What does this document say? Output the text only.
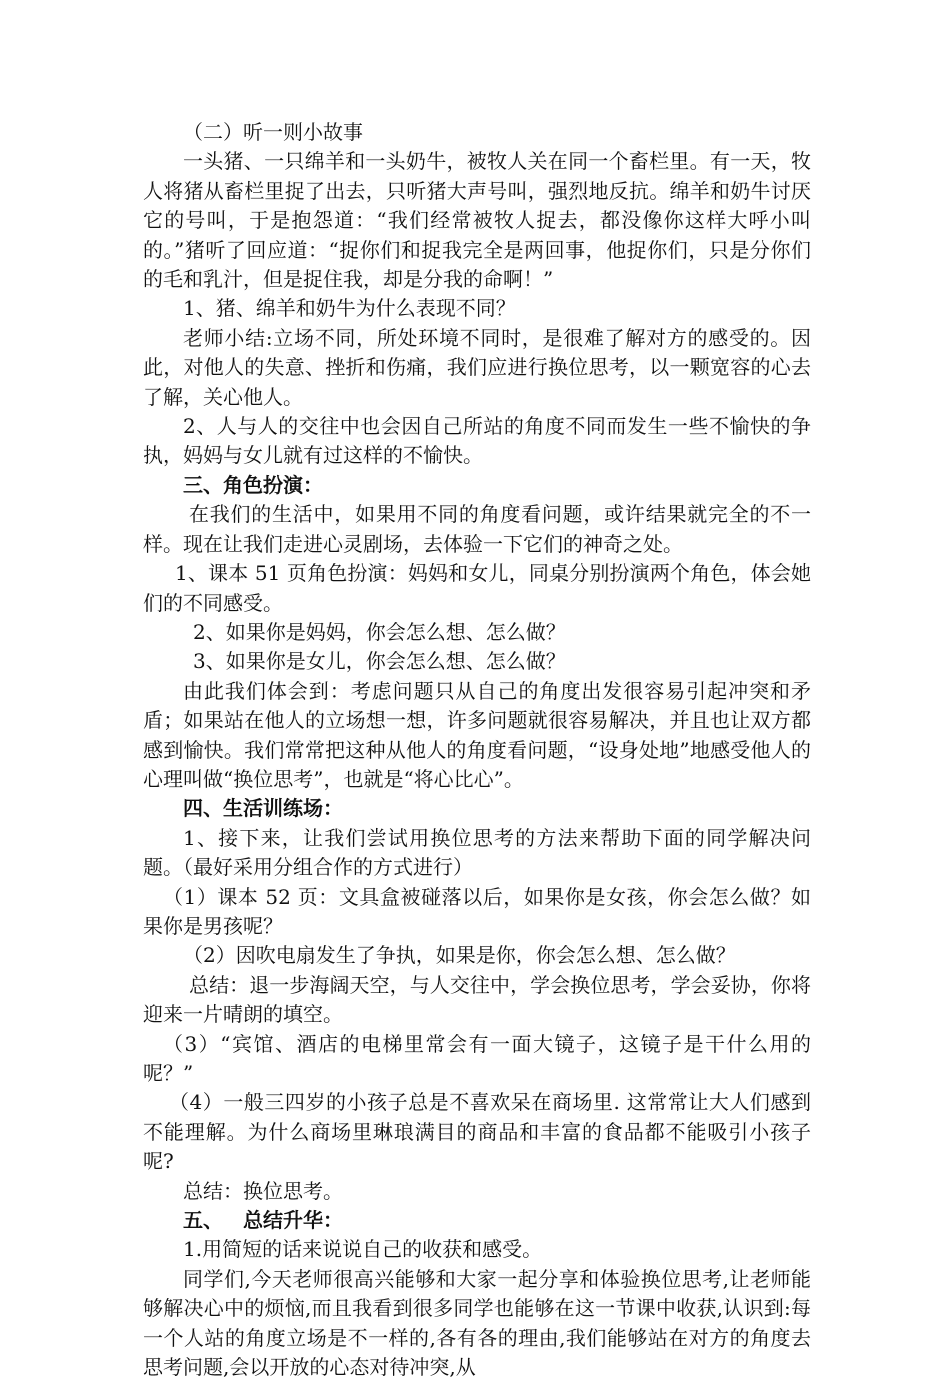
（二）听一则小故事

一头猪、一只绵羊和一头奶牛，被牧人关在同一个畜栏里。有一天，牧人将猪从畜栏里捉了出去，只听猪大声号叫，强烈地反抗。绵羊和奶牛讨厌它的号叫，于是抱怨道：“我们经常被牧人捉去，都没像你这样大呼小叫 的。”猪听了回应道：“捉你们和捉我完全是两回事，他捉你们，只是分你们的毛和乳汁，但是捉住我，却是分我的命啊！”

1、猪、绵羊和奶牛为什么表现不同？

老师小结:立场不同，所处环境不同时，是很难了解对方的感受的。因此，对他人的失意、挫折和伤痛，我们应进行换位思考，以一颗宽容的心去了解，关心他人。

2、人与人的交往中也会因自己所站的角度不同而发生一些不愉快的争执，妈妈与女儿就有过这样的不愉快。

三、角色扮演：

在我们的生活中，如果用不同的角度看问题，或许结果就完全的不一样。现在让我们走进心灵剧场，去体验一下它们的神奇之处。

1、课本 51 页角色扮演：妈妈和女儿，同桌分别扮演两个角色，体会她们的不同感受。

2、如果你是妈妈，你会怎么想、怎么做？

3、如果你是女儿，你会怎么想、怎么做？

由此我们体会到：考虑问题只从自己的角度出发很容易引起冲突和矛盾；如果站在他人的立场想一想，许多问题就很容易解决，并且也让双方都感到愉快。我们常常把这种从他人的角度看问题，“设身处地”地感受他人的心理叫做“换位思考”，也就是“将心比心”。

四、生活训练场：

1、接下来，让我们尝试用换位思考的方法来帮助下面的同学解决问题。（最好采用分组合作的方式进行）

（1）课本 52 页：文具盒被碰落以后，如果你是女孩，你会怎么做？如果你是男孩呢？

（2）因吹电扇发生了争执，如果是你，你会怎么想、怎么做？

总结：退一步海阔天空，与人交往中，学会换位思考，学会妥协，你将迎来一片晴朗的填空。

（3）“宾馆、酒店的电梯里常会有一面大镜子，这镜子是干什么用的呢？”

（4）一般三四岁的小孩子总是不喜欢呆在商场里. 这常常让大人们感到不能理解。为什么商场里琳琅满目的商品和丰富的食品都不能吸引小孩子呢?

总结：换位思考。

五、 总结升华：

1.用简短的话来说说自己的收获和感受。

同学们,今天老师很高兴能够和大家一起分享和体验换位思考,让老师能够解决心中的烦恼,而且我看到很多同学也能够在这一节课中收获,认识到:每一个人站的角度立场是不一样的,各有各的理由,我们能够站在对方的角度去思考问题,会以开放的心态对待冲突,从
